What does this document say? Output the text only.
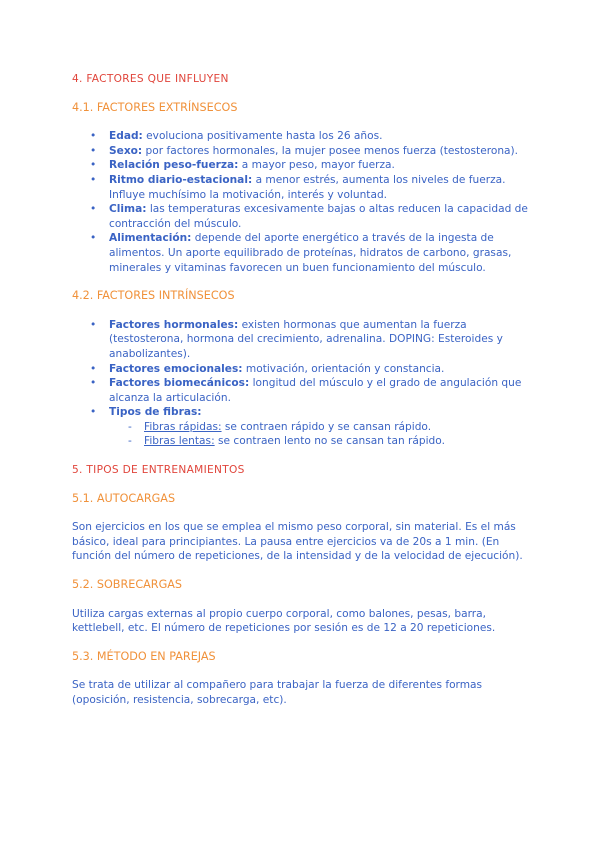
4. FACTORES QUE INFLUYEN

4.1. FACTORES EXTRÍNSECOS

• Edad: evoluciona positivamente hasta los 26 años.
• Sexo: por factores hormonales, la mujer posee menos fuerza (testosterona).
• Relación peso-fuerza: a mayor peso, mayor fuerza.
• Ritmo diario-estacional: a menor estrés, aumenta los niveles de fuerza. Influye muchísimo la motivación, interés y voluntad.
• Clima: las temperaturas excesivamente bajas o altas reducen la capacidad de contracción del músculo.
• Alimentación: depende del aporte energético a través de la ingesta de alimentos. Un aporte equilibrado de proteínas, hidratos de carbono, grasas, minerales y vitaminas favorecen un buen funcionamiento del músculo.

4.2. FACTORES INTRÍNSECOS

• Factores hormonales: existen hormonas que aumentan la fuerza (testosterona, hormona del crecimiento, adrenalina. DOPING: Esteroides y anabolizantes).
• Factores emocionales: motivación, orientación y constancia.
• Factores biomecánicos: longitud del músculo y el grado de angulación que alcanza la articulación.
• Tipos de fibras:
- Fibras rápidas: se contraen rápido y se cansan rápido.
- Fibras lentas: se contraen lento no se cansan tan rápido.

5. TIPOS DE ENTRENAMIENTOS

5.1. AUTOCARGAS

Son ejercicios en los que se emplea el mismo peso corporal, sin material. Es el más básico, ideal para principiantes. La pausa entre ejercicios va de 20s a 1 min. (En función del número de repeticiones, de la intensidad y de la velocidad de ejecución).

5.2. SOBRECARGAS

Utiliza cargas externas al propio cuerpo corporal, como balones, pesas, barra, kettlebell, etc. El número de repeticiones por sesión es de 12 a 20 repeticiones.

5.3. MÉTODO EN PAREJAS

Se trata de utilizar al compañero para trabajar la fuerza de diferentes formas (oposición, resistencia, sobrecarga, etc).
